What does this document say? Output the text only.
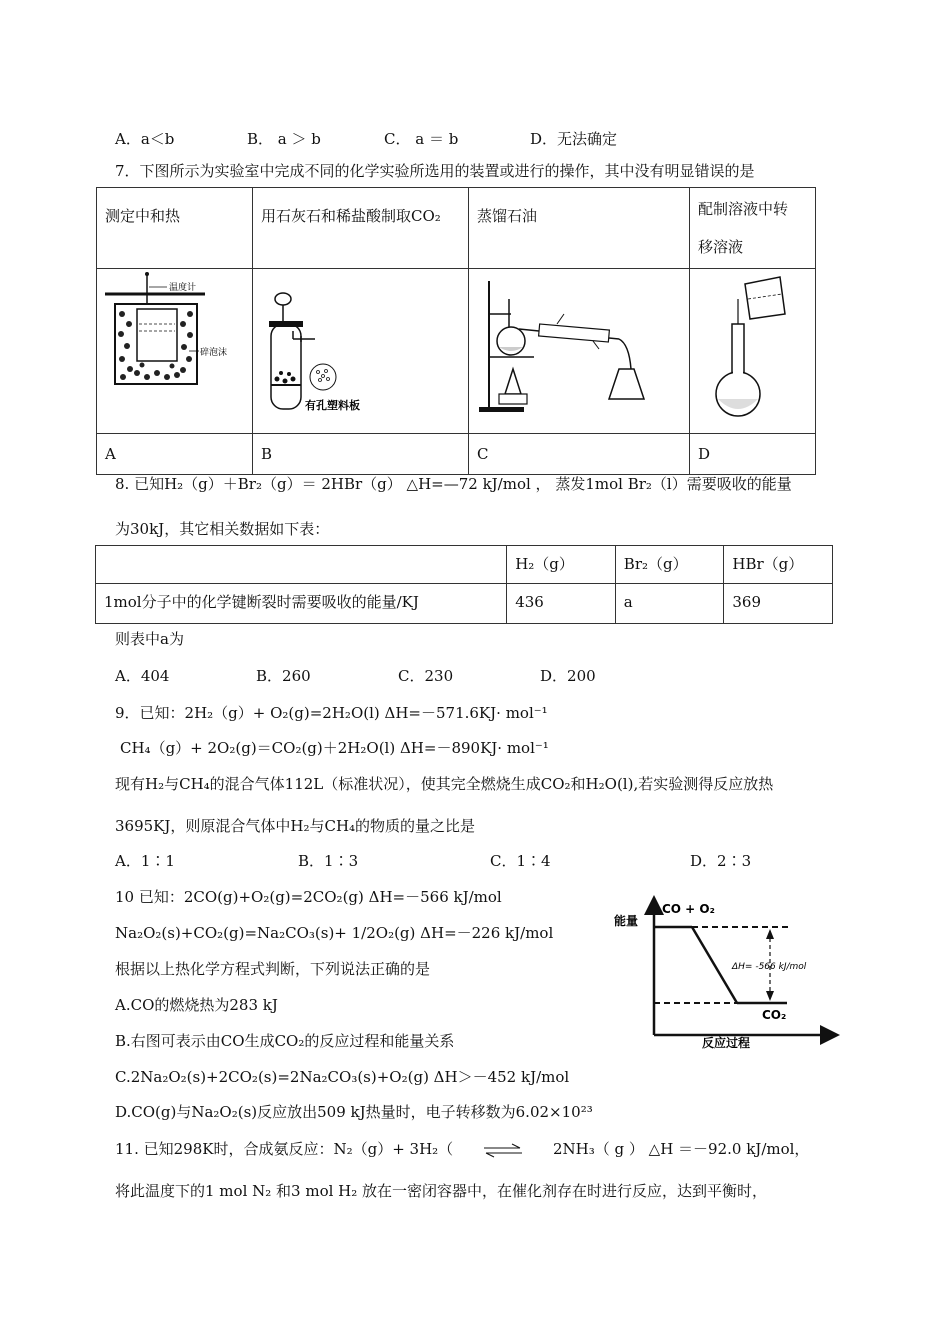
A．a＜b	B． a ＞ b	C． a ＝ b	D．无法确定
7．下图所示为实验室中完成不同的化学实验所选用的装置或进行的操作，其中没有明显错误的是
测定中和热	用石灰石和稀盐酸制取CO₂	蒸馏石油	配制溶液中转
移溶液

温度计
碎泡沫	有孔塑料板

A	B	C	D
8. 已知H₂（g）＋Br₂（g）＝ 2HBr（g） △H=—72 kJ/mol ， 蒸发1mol Br₂（l）需要吸收的能量
为30kJ，其它相关数据如下表：

	H₂（g）	Br₂（g）	HBr（g）

1mol分子中的化学键断裂时需要吸收的能量/KJ	436	a	369
则表中a为
A．404	B．260	C．230	D．200
9．已知：2H₂（g）+ O₂(g)=2H₂O(l) ΔH=－571.6KJ· mol⁻¹
CH₄（g）+ 2O₂(g)＝CO₂(g)＋2H₂O(l) ΔH=－890KJ· mol⁻¹
现有H₂与CH₄的混合气体112L（标准状况），使其完全燃烧生成CO₂和H₂O(l),若实验测得反应放热
3695KJ，则原混合气体中H₂与CH₄的物质的量之比是
A．1∶1	B．1∶3	C．1∶4	D．2∶3
10 已知：2CO(g)+O₂(g)=2CO₂(g) ΔH=－566 kJ/mol
Na₂O₂(s)+CO₂(g)=Na₂CO₃(s)+ 1/2O₂(g) ΔH=－226 kJ/mol
根据以上热化学方程式判断，下列说法正确的是
A.CO的燃烧热为283 kJ
B.右图可表示由CO生成CO₂的反应过程和能量关系
C.2Na₂O₂(s)+2CO₂(s)=2Na₂CO₃(s)+O₂(g) ΔH＞－452 kJ/mol
D.CO(g)与Na₂O₂(s)反应放出509 kJ热量时，电子转移数为6.02×10²³
能量
CO + O₂
ΔH= -566 kJ/mol
CO₂
反应过程
11. 已知298K时，合成氨反应：N₂（g）+ 3H₂（	2NH₃（ g ） △H ＝－92.0 kJ/mol，
将此温度下的1 mol N₂ 和3 mol H₂ 放在一密闭容器中，在催化剂存在时进行反应，达到平衡时，
